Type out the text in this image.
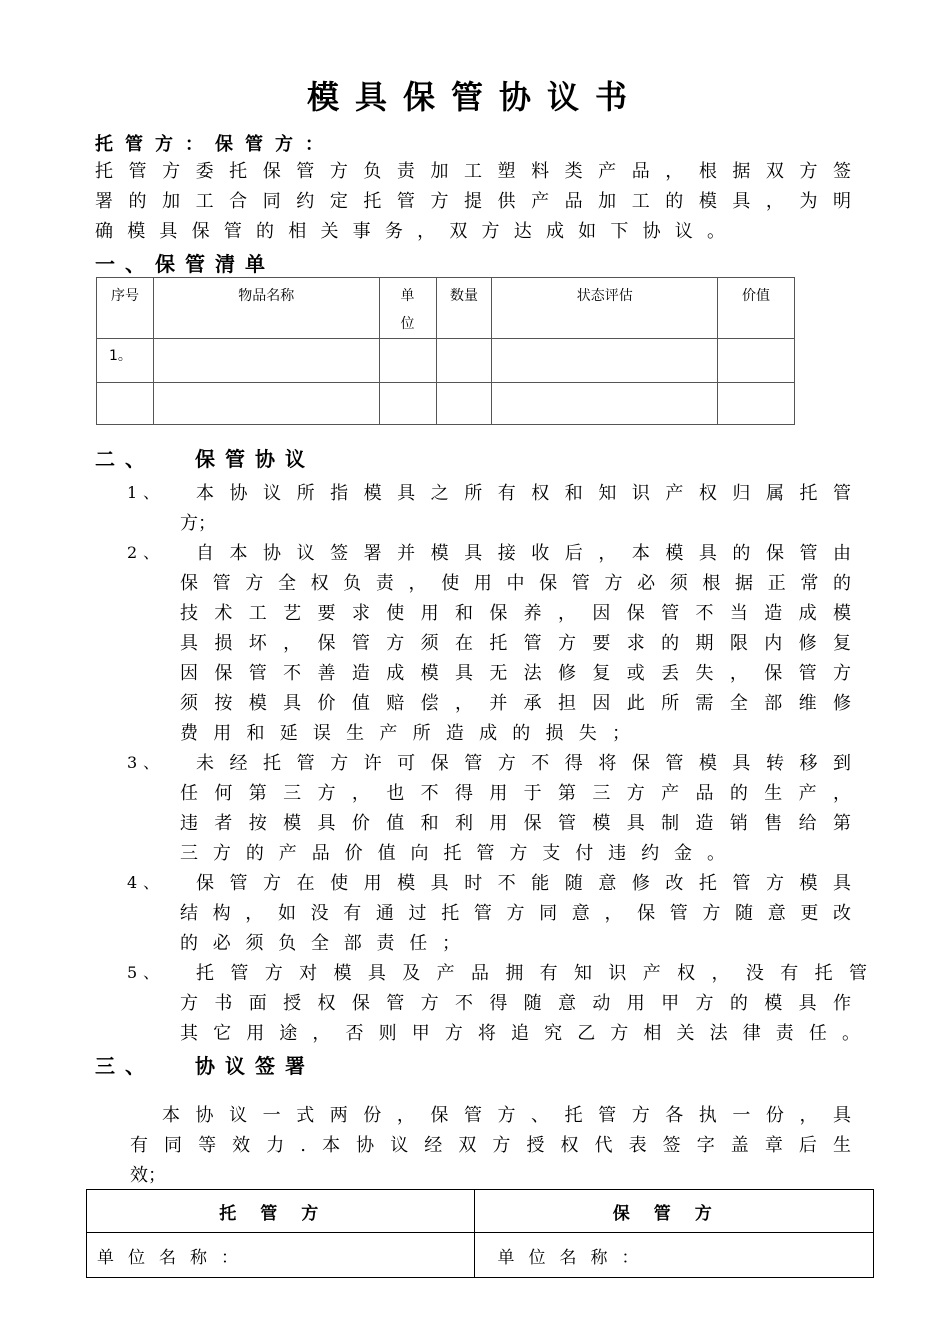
模具保管协议书
托管方：保管方：
托管方委托保管方负责加工塑料类产品，根据双方签
署的加工合同约定托管方提供产品加工的模具，为明
确模具保管的相关事务，双方达成如下协议。
一、保管清单
序号	物品名称	单位	数量	状态评估	价值
1。					

二、 保管协议
1、	本协议所指模具之所有权和知识产权归属托管
方；
2、	自本协议签署并模具接收后，本模具的保管由
保管方全权负责，使用中保管方必须根据正常的
技术工艺要求使用和保养，因保管不当造成模
具损坏，保管方须在托管方要求的期限内修复
因保管不善造成模具无法修复或丢失，保管方
须按模具价值赔偿，并承担因此所需全部维修
费用和延误生产所造成的损失；
3、	未经托管方许可保管方不得将保管模具转移到
任何第三方，也不得用于第三方产品的生产，
违者按模具价值和利用保管模具制造销售给第
三方的产品价值向托管方支付违约金。
4、	保管方在使用模具时不能随意修改托管方模具
结构，如没有通过托管方同意，保管方随意更改
的必须负全部责任；
5、	托管方对模具及产品拥有知识产权，没有托管
方书面授权保管方不得随意动用甲方的模具作
其它用途，否则甲方将追究乙方相关法律责任。
三、 协议签署
本协议一式两份，保管方、托管方各执一份，具
有同等效力.本协议经双方授权代表签字盖章后生
效；
托管方	保管方
单位名称：	单位名称：
